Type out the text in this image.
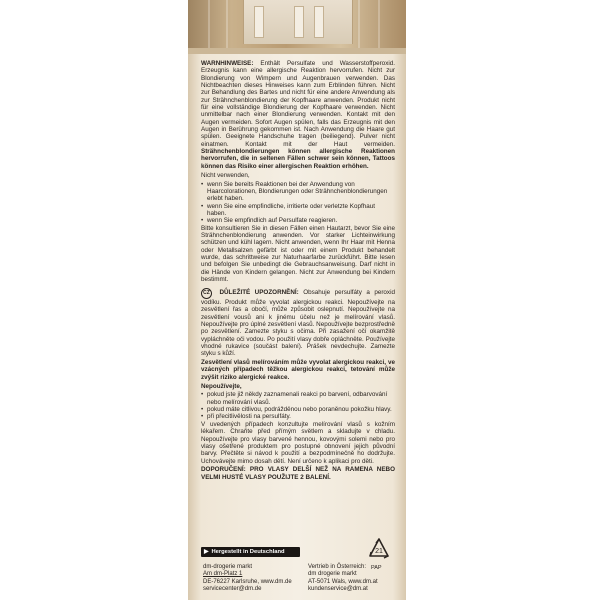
WARNHINWEISE: Enthält Persulfate und Wasserstoffperoxid. Erzeugnis kann eine allergische Reaktion hervorrufen. Nicht zur Blondierung von Wimpern und Augenbrauen verwenden. Das Nichtbeachten dieses Hinweises kann zum Erblinden führen. Nicht zur Behandlung des Bartes und nicht für eine andere Anwendung als zur Strähnchenblondierung der Kopfhaare anwenden. Produkt nicht für eine vollständige Blondierung der Kopfhaare verwenden. Nicht unmittelbar nach einer Blondierung verwenden. Kontakt mit den Augen vermeiden. Sofort Augen spülen, falls das Erzeugnis mit den Augen in Berührung gekommen ist. Nach Anwendung die Haare gut spülen. Geeignete Handschuhe tragen (beiliegend). Pulver nicht einatmen. Kontakt mit der Haut vermeiden. Strähnchenblondierungen können allergische Reaktionen hervorrufen, die in seltenen Fällen schwer sein können, Tattoos können das Risiko einer allergischen Reaktion erhöhen.

Nicht verwenden,

• wenn Sie bereits Reaktionen bei der Anwendung von Haarcolorationen, Blondierungen oder Strähnchenblondierungen erlebt haben.
• wenn Sie eine empfindliche, irritierte oder verletzte Kopfhaut haben.
• wenn Sie empfindlich auf Persulfate reagieren.

Bitte konsultieren Sie in diesen Fällen einen Hautarzt, bevor Sie eine Strähnchenblondierung anwenden. Vor starker Lichteinwirkung schützen und kühl lagern. Nicht anwenden, wenn Ihr Haar mit Henna oder Metallsalzen gefärbt ist oder mit einem Produkt behandelt wurde, das schrittweise zur Naturhaarfarbe zurückführt. Bitte lesen und befolgen Sie unbedingt die Gebrauchsanweisung. Darf nicht in die Hände von Kindern gelangen. Nicht zur Anwendung bei Kindern bestimmt.

CZ DŮLEŽITÉ UPOZORNĚNÍ: Obsahuje persulfáty a peroxid vodíku. Produkt může vyvolat alergickou reakci. Nepoužívejte na zesvětlení řas a obočí, může způsobit oslepnutí. Nepoužívejte na zesvětlení vousů ani k jinému účelu než je melírování vlasů. Nepoužívejte pro úplné zesvětlení vlasů. Nepoužívejte bezprostředně po zesvětlení. Zamezte styku s očima. Při zasažení očí okamžitě vypláchněte oči vodou. Po použití vlasy dobře opláchněte. Používejte vhodné rukavice (součást balení). Prášek nevdechujte. Zamezte styku s kůží.

Zesvětlení vlasů melírováním může vyvolat alergickou reakci, ve vzácných případech těžkou alergickou reakci, tetování může zvýšit riziko alergické reakce.

Nepoužívejte,

• pokud jste již někdy zaznamenali reakci po barvení, odbarvování nebo melírování vlasů.
• pokud máte citlivou, podrážděnou nebo poraněnou pokožku hlavy.
• při přecitlivělosti na persulfáty.

V uvedených případech konzultujte melírování vlasů s kožním lékařem. Chraňte před přímým světlem a skladujte v chladu. Nepoužívejte pro vlasy barvené hennou, kovovými solemi nebo pro vlasy ošetřené produktem pro postupné obnovení jejich původní barvy. Přečtěte si návod k použití a bezpodmínečně ho dodržujte. Uchovávejte mimo dosah dětí. Není určeno k aplikaci pro děti.

DOPORUČENÍ: PRO VLASY DELŠÍ NEŽ NA RAMENA NEBO VELMI HUSTÉ VLASY POUŽIJTE 2 BALENÍ.

▶ Hergestellt in Deutschland
dm-drogerie markt
Am dm-Platz 1
DE-76227 Karlsruhe, www.dm.de
servicecenter@dm.de
Vertrieb in Österreich:
dm drogerie markt
AT-5071 Wals, www.dm.at
kundenservice@dm.at
21
PAP
